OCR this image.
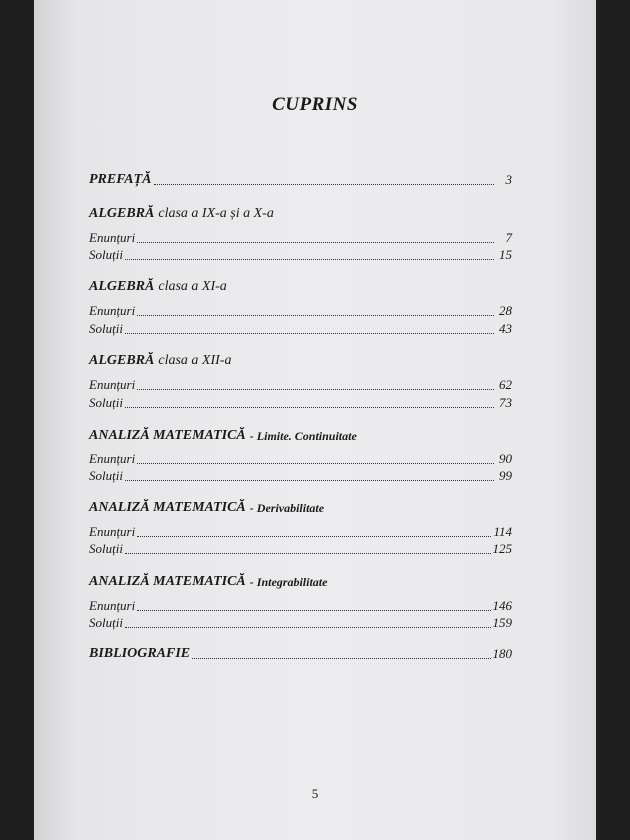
CUPRINS
PREFAȚĂ	3
ALGEBRĂ clasa a IX-a și a X-a
Enunțuri	7
Soluții	15
ALGEBRĂ clasa a XI-a
Enunțuri	28
Soluții	43
ALGEBRĂ clasa a XII-a
Enunțuri	62
Soluții	73
ANALIZĂ MATEMATICĂ - Limite. Continuitate
Enunțuri	90
Soluții	99
ANALIZĂ MATEMATICĂ - Derivabilitate
Enunțuri	114
Soluții	125
ANALIZĂ MATEMATICĂ - Integrabilitate
Enunțuri	146
Soluții	159
BIBLIOGRAFIE	180
5
